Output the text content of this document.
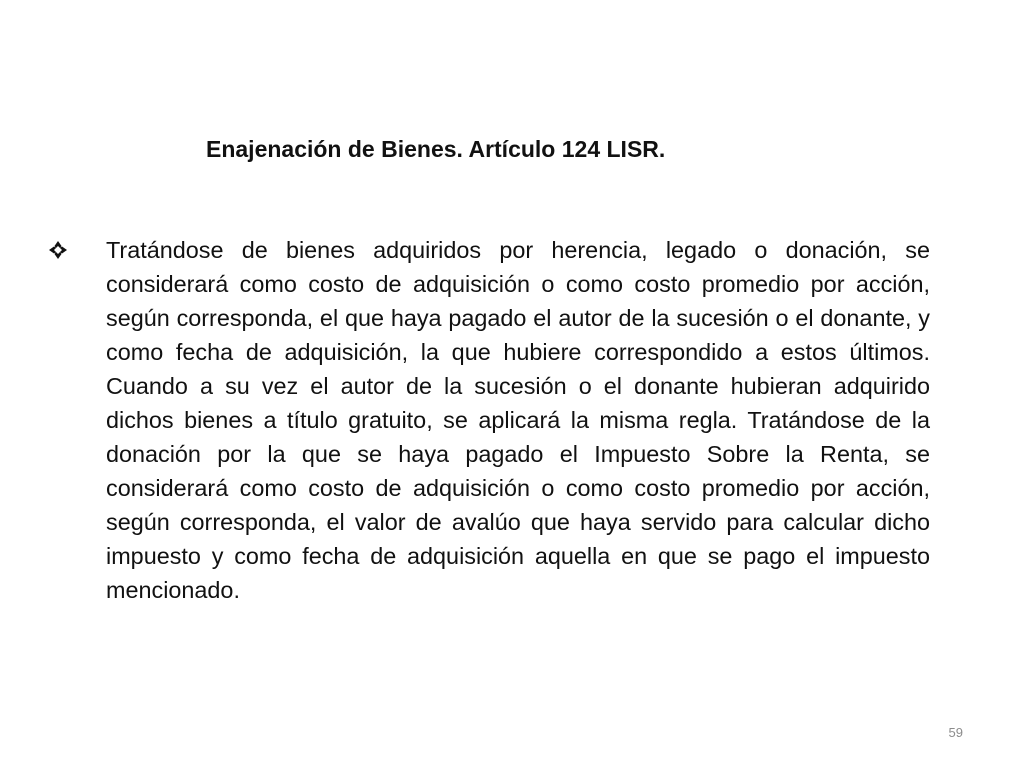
Enajenación de Bienes. Artículo 124 LISR.

Tratándose de bienes adquiridos por herencia, legado o donación, se considerará como costo de adquisición o como costo promedio por acción, según corresponda, el que haya pagado el autor de la sucesión o el donante, y como fecha de adquisición, la que hubiere correspondido a estos últimos. Cuando a su vez el autor de la sucesión o el donante hubieran adquirido dichos bienes a título gratuito, se aplicará la misma regla. Tratándose de la donación por la que se haya pagado el Impuesto Sobre la Renta, se considerará como costo de adquisición o como costo promedio por acción, según corresponda, el valor de avalúo que haya servido para calcular dicho impuesto y como fecha de adquisición aquella en que se pago el impuesto mencionado.

59
